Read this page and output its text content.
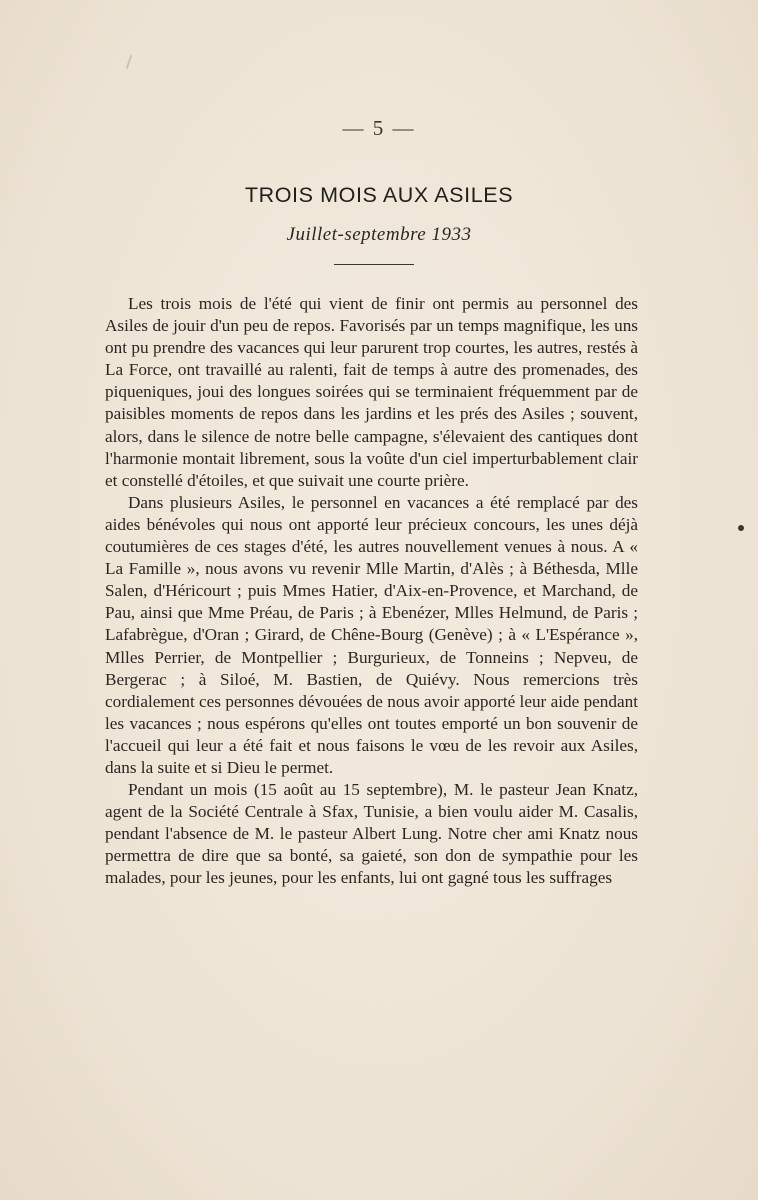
— 5 —
TROIS MOIS AUX ASILES
Juillet-septembre 1933

Les trois mois de l'été qui vient de finir ont permis au personnel des Asiles de jouir d'un peu de repos. Favorisés par un temps magnifique, les uns ont pu prendre des vacances qui leur parurent trop courtes, les autres, restés à La Force, ont travaillé au ralenti, fait de temps à autre des promenades, des piqueniques, joui des longues soirées qui se terminaient fréquemment par de paisibles moments de repos dans les jardins et les prés des Asiles ; souvent, alors, dans le silence de notre belle campagne, s'élevaient des cantiques dont l'harmonie montait librement, sous la voûte d'un ciel imperturbablement clair et constellé d'étoiles, et que suivait une courte prière.

Dans plusieurs Asiles, le personnel en vacances a été remplacé par des aides bénévoles qui nous ont apporté leur précieux concours, les unes déjà coutumières de ces stages d'été, les autres nouvellement venues à nous. A « La Famille », nous avons vu revenir Mlle Martin, d'Alès ; à Béthesda, Mlle Salen, d'Héricourt ; puis Mmes Hatier, d'Aix-en-Provence, et Marchand, de Pau, ainsi que Mme Préau, de Paris ; à Ebenézer, Mlles Helmund, de Paris ; Lafabrègue, d'Oran ; Girard, de Chêne-Bourg (Genève) ; à « L'Espérance », Mlles Perrier, de Montpellier ; Burgurieux, de Tonneins ; Nepveu, de Bergerac ; à Siloé, M. Bastien, de Quiévy. Nous remercions très cordialement ces personnes dévouées de nous avoir apporté leur aide pendant les vacances ; nous espérons qu'elles ont toutes emporté un bon souvenir de l'accueil qui leur a été fait et nous faisons le vœu de les revoir aux Asiles, dans la suite et si Dieu le permet.

Pendant un mois (15 août au 15 septembre), M. le pasteur Jean Knatz, agent de la Société Centrale à Sfax, Tunisie, a bien voulu aider M. Casalis, pendant l'absence de M. le pasteur Albert Lung. Notre cher ami Knatz nous permettra de dire que sa bonté, sa gaieté, son don de sympathie pour les malades, pour les jeunes, pour les enfants, lui ont gagné tous les suffrages
